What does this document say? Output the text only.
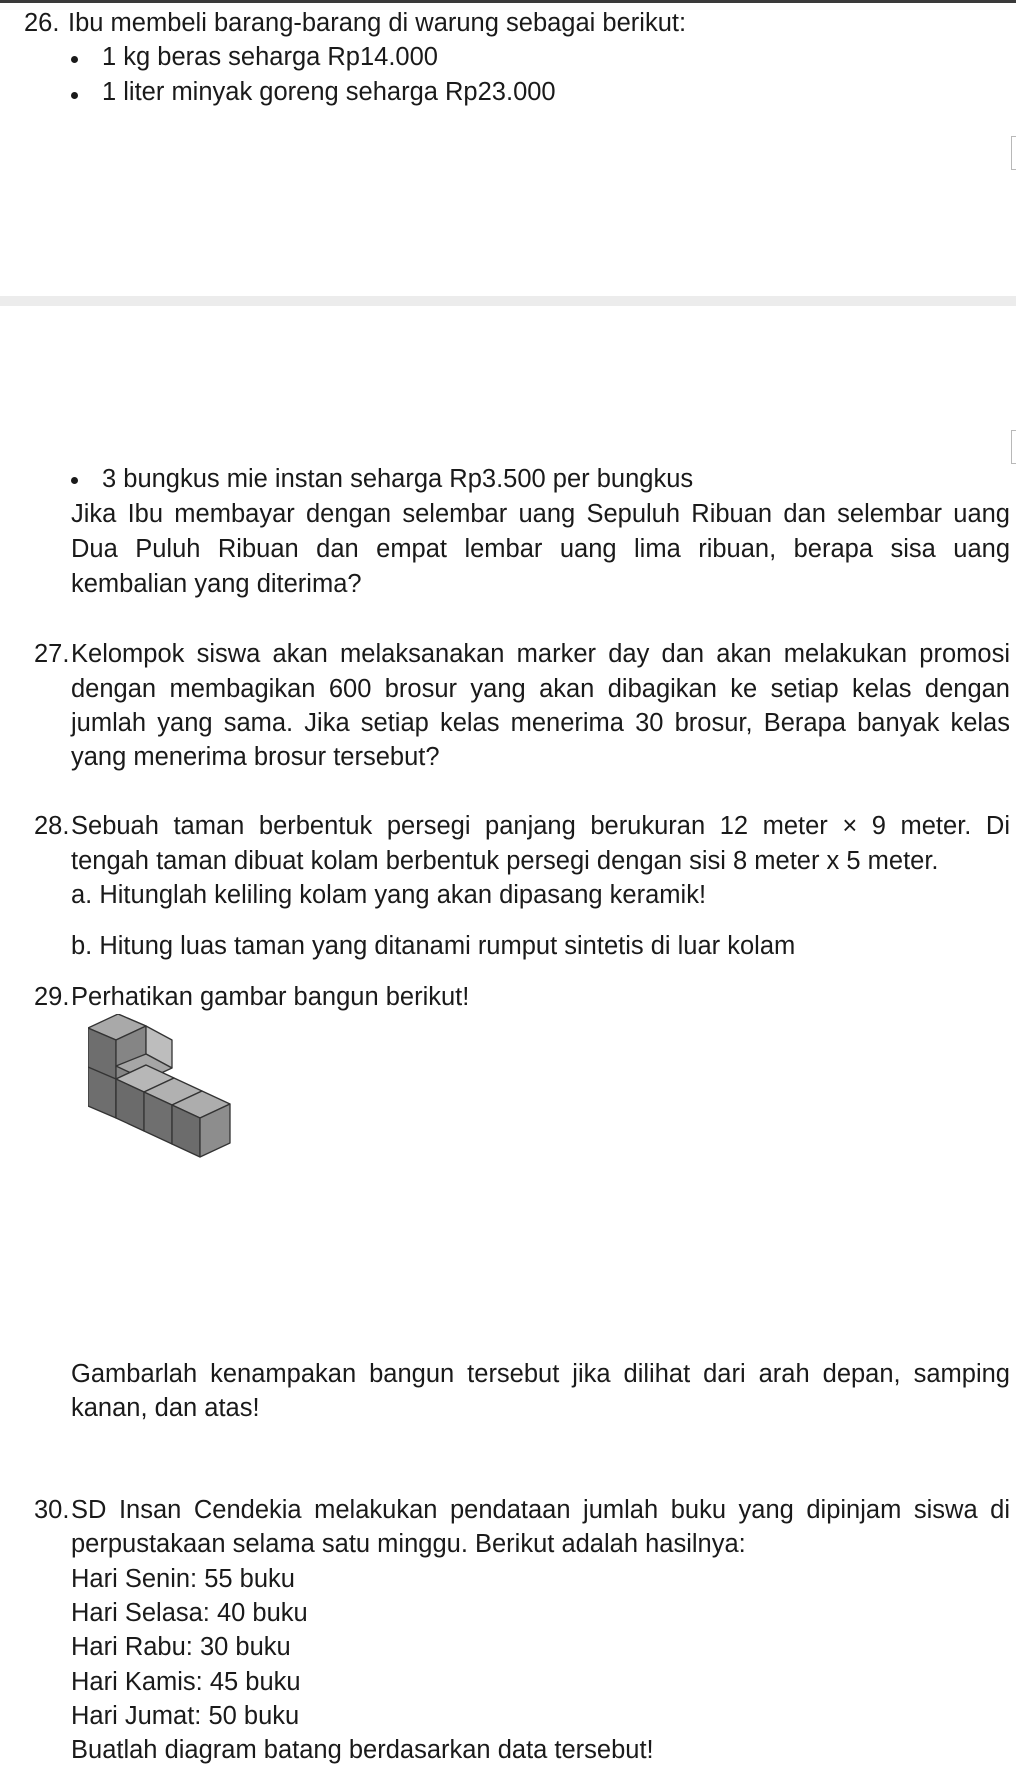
26. Ibu membeli barang-barang di warung sebagai berikut:
1 kg beras seharga Rp14.000
1 liter minyak goreng seharga Rp23.000
3 bungkus mie instan seharga Rp3.500 per bungkus
Jika Ibu membayar dengan selembar uang Sepuluh Ribuan dan selembar uang
Dua Puluh Ribuan dan empat lembar uang lima ribuan, berapa sisa uang
kembalian yang diterima?
27. Kelompok siswa akan melaksanakan marker day dan akan melakukan promosi
dengan membagikan 600 brosur yang akan dibagikan ke setiap kelas dengan
jumlah yang sama. Jika setiap kelas menerima 30 brosur, Berapa banyak kelas
yang menerima brosur tersebut?
28. Sebuah taman berbentuk persegi panjang berukuran 12 meter × 9 meter. Di
tengah taman dibuat kolam berbentuk persegi dengan sisi 8 meter x 5 meter.
a. Hitunglah keliling kolam yang akan dipasang keramik!
b. Hitung luas taman yang ditanami rumput sintetis di luar kolam
29. Perhatikan gambar bangun berikut!
Gambarlah kenampakan bangun tersebut jika dilihat dari arah depan, samping
kanan, dan atas!
30. SD Insan Cendekia melakukan pendataan jumlah buku yang dipinjam siswa di
perpustakaan selama satu minggu. Berikut adalah hasilnya:
Hari Senin: 55 buku
Hari Selasa: 40 buku
Hari Rabu: 30 buku
Hari Kamis: 45 buku
Hari Jumat: 50 buku
Buatlah diagram batang berdasarkan data tersebut!
